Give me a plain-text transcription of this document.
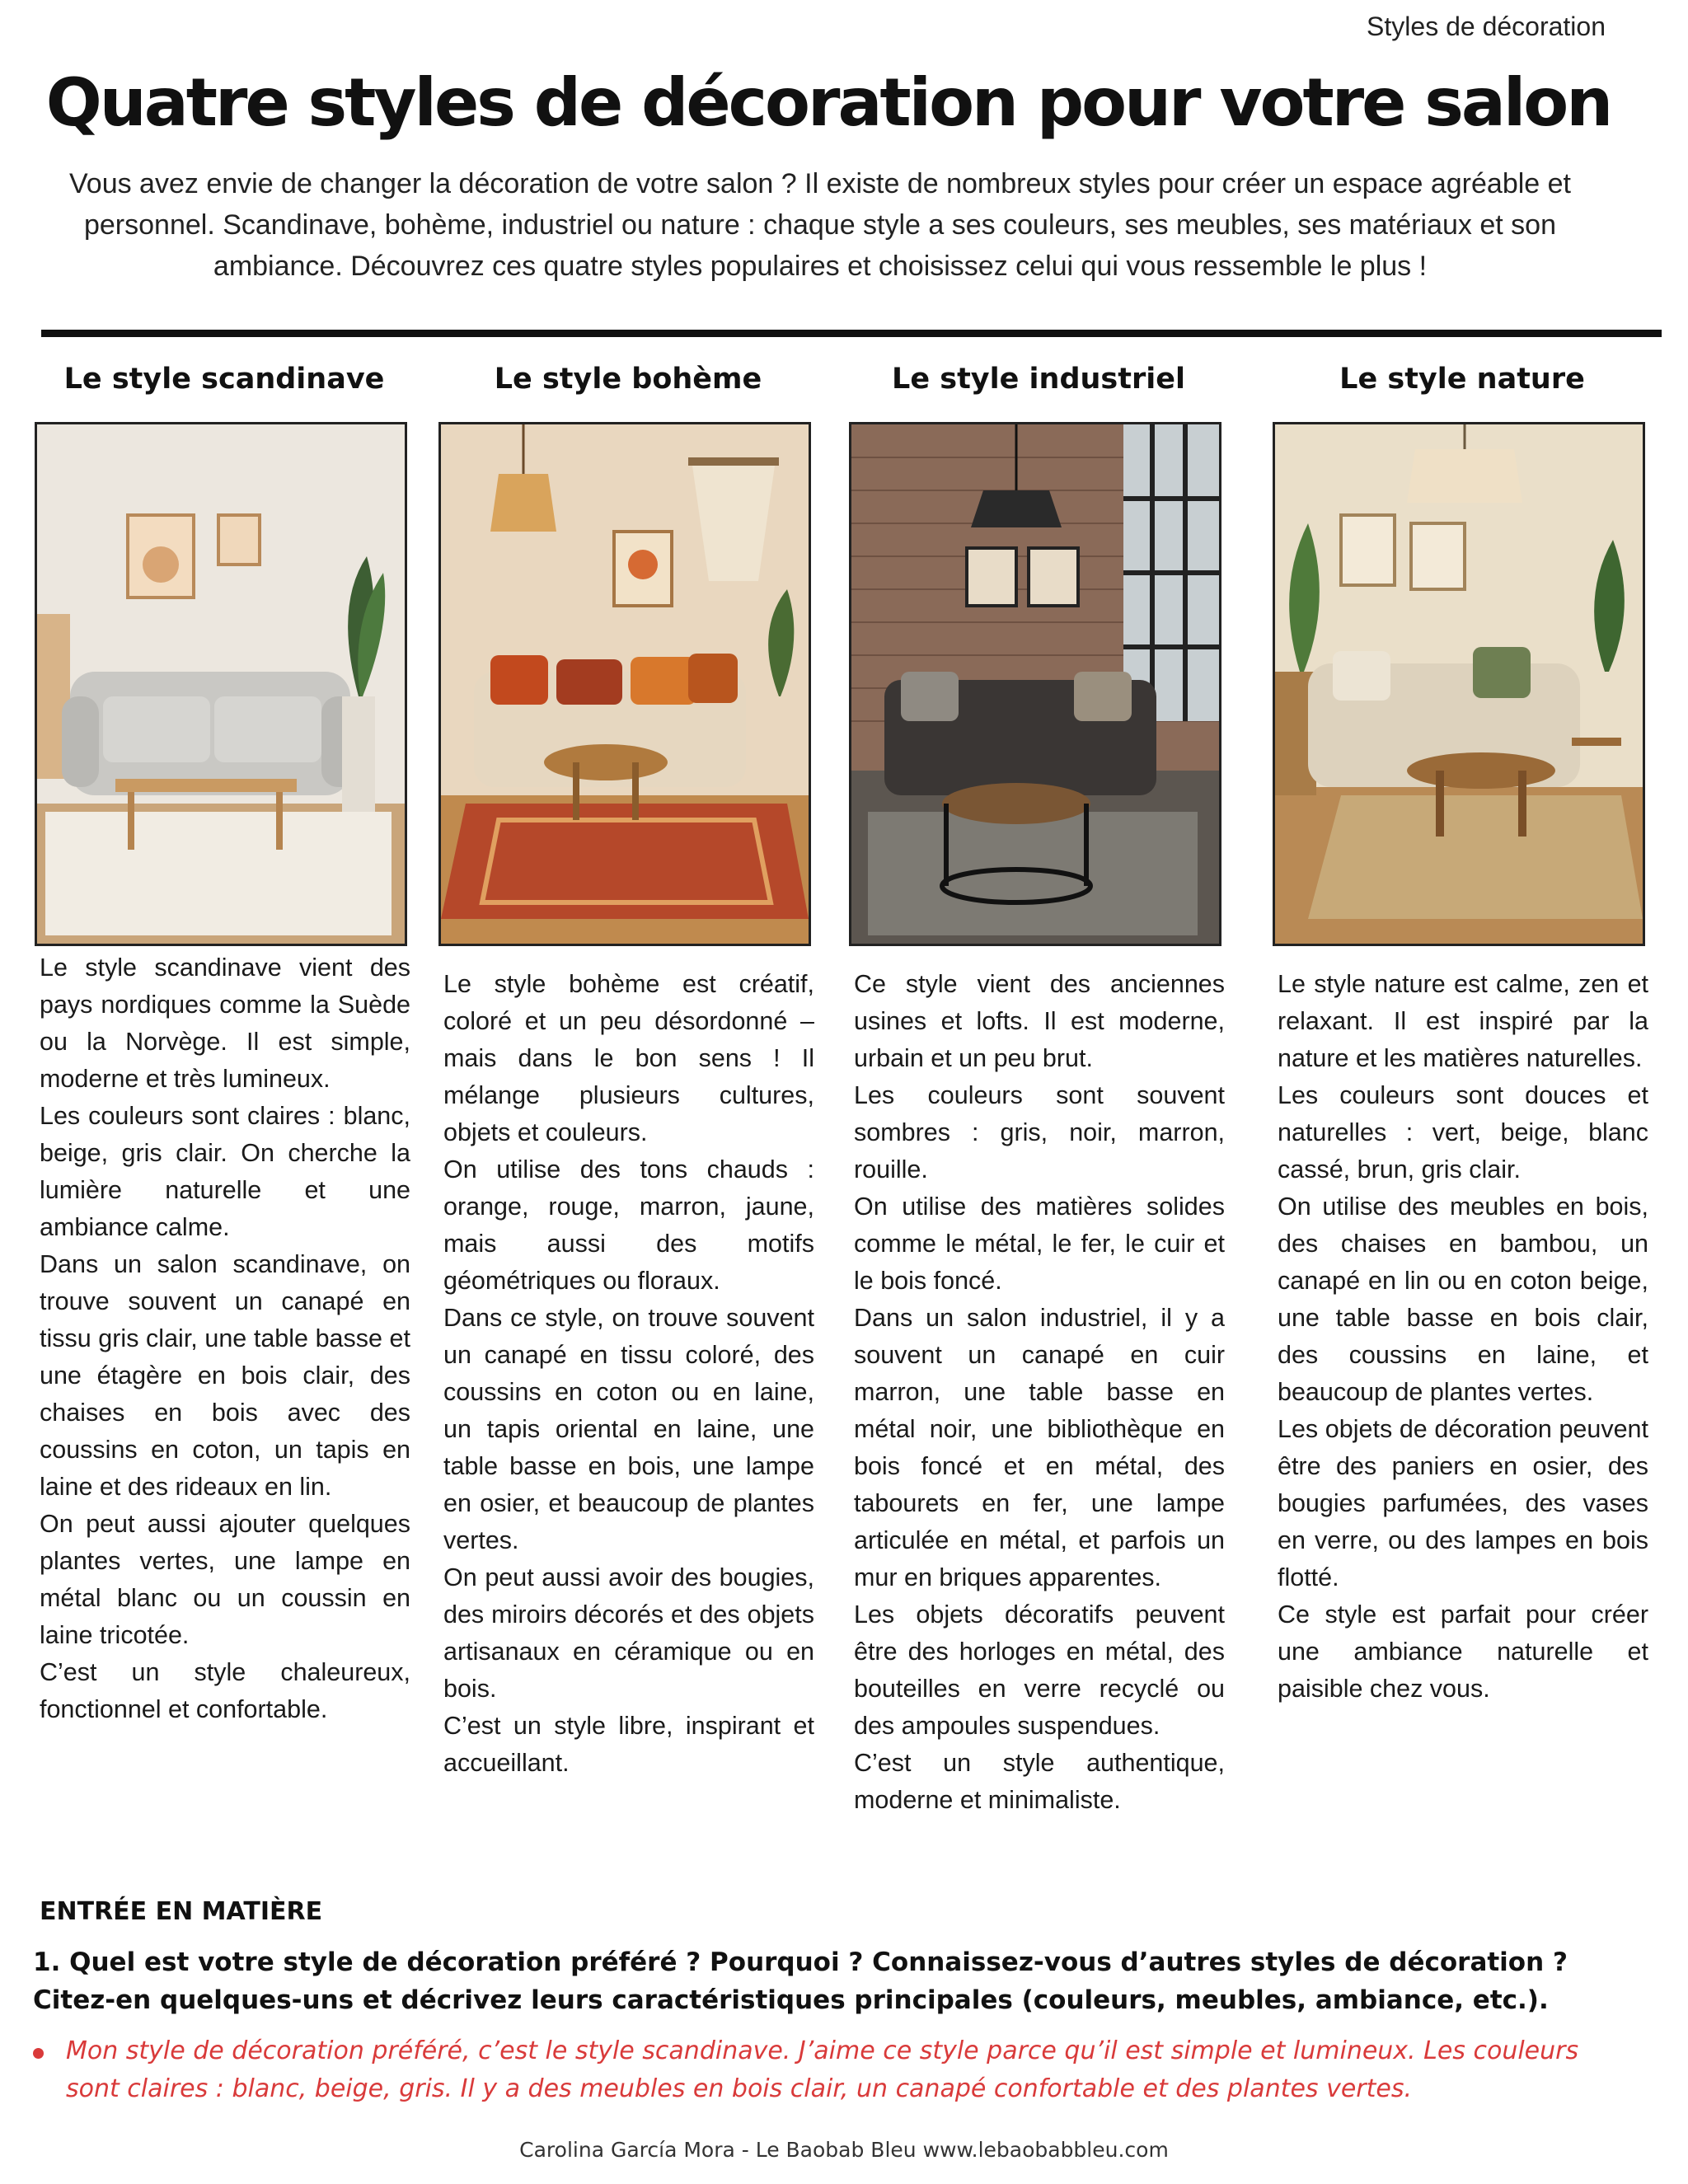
Styles de décoration
Quatre styles de décoration pour votre salon

Vous avez envie de changer la décoration de votre salon ? Il existe de nombreux styles pour créer un espace agréable et personnel. Scandinave, bohème, industriel ou nature : chaque style a ses couleurs, ses meubles, ses matériaux et son ambiance. Découvrez ces quatre styles populaires et choisissez celui qui vous ressemble le plus !

Le style scandinave

Le style scandinave vient des pays nordiques comme la Suède ou la Norvège. Il est simple, moderne et très lumineux.

Les couleurs sont claires : blanc, beige, gris clair. On cherche la lumière naturelle et une ambiance calme.

Dans un salon scandinave, on trouve souvent un canapé en tissu gris clair, une table basse et une étagère en bois clair, des chaises en bois avec des coussins en coton, un tapis en laine et des rideaux en lin.

On peut aussi ajouter quelques plantes vertes, une lampe en métal blanc ou un coussin en laine tricotée.

C’est un style chaleureux, fonctionnel et confortable.

Le style bohème

Le style bohème est créatif, coloré et un peu désordonné – mais dans le bon sens ! Il mélange plusieurs cultures, objets et couleurs.

On utilise des tons chauds : orange, rouge, marron, jaune, mais aussi des motifs géométriques ou floraux.

Dans ce style, on trouve souvent un canapé en tissu coloré, des coussins en coton ou en laine, un tapis oriental en laine, une table basse en bois, une lampe en osier, et beaucoup de plantes vertes.

On peut aussi avoir des bougies, des miroirs décorés et des objets artisanaux en céramique ou en bois.

C’est un style libre, inspirant et accueillant.

Le style industriel

Ce style vient des anciennes usines et lofts. Il est moderne, urbain et un peu brut.

Les couleurs sont souvent sombres : gris, noir, marron, rouille.

On utilise des matières solides comme le métal, le fer, le cuir et le bois foncé.

Dans un salon industriel, il y a souvent un canapé en cuir marron, une table basse en métal noir, une bibliothèque en bois foncé et en métal, des tabourets en fer, une lampe articulée en métal, et parfois un mur en briques apparentes.

Les objets décoratifs peuvent être des horloges en métal, des bouteilles en verre recyclé ou des ampoules suspendues.

C’est un style authentique, moderne et minimaliste.

Le style nature

Le style nature est calme, zen et relaxant. Il est inspiré par la nature et les matières naturelles.

Les couleurs sont douces et naturelles : vert, beige, blanc cassé, brun, gris clair.

On utilise des meubles en bois, des chaises en bambou, un canapé en lin ou en coton beige, une table basse en bois clair, des coussins en laine, et beaucoup de plantes vertes.

Les objets de décoration peuvent être des paniers en osier, des bougies parfumées, des vases en verre, ou des lampes en bois flotté.

Ce style est parfait pour créer une ambiance naturelle et paisible chez vous.

ENTRÉE EN MATIÈRE

1. Quel est votre style de décoration préféré ? Pourquoi ? Connaissez-vous d’autres styles de décoration ? Citez-en quelques-uns et décrivez leurs caractéristiques principales (couleurs, meubles, ambiance, etc.).

Mon style de décoration préféré, c’est le style scandinave. J’aime ce style parce qu’il est simple et lumineux. Les couleurs sont claires : blanc, beige, gris. Il y a des meubles en bois clair, un canapé confortable et des plantes vertes.

Carolina García Mora - Le Baobab Bleu www.lebaobabbleu.com
